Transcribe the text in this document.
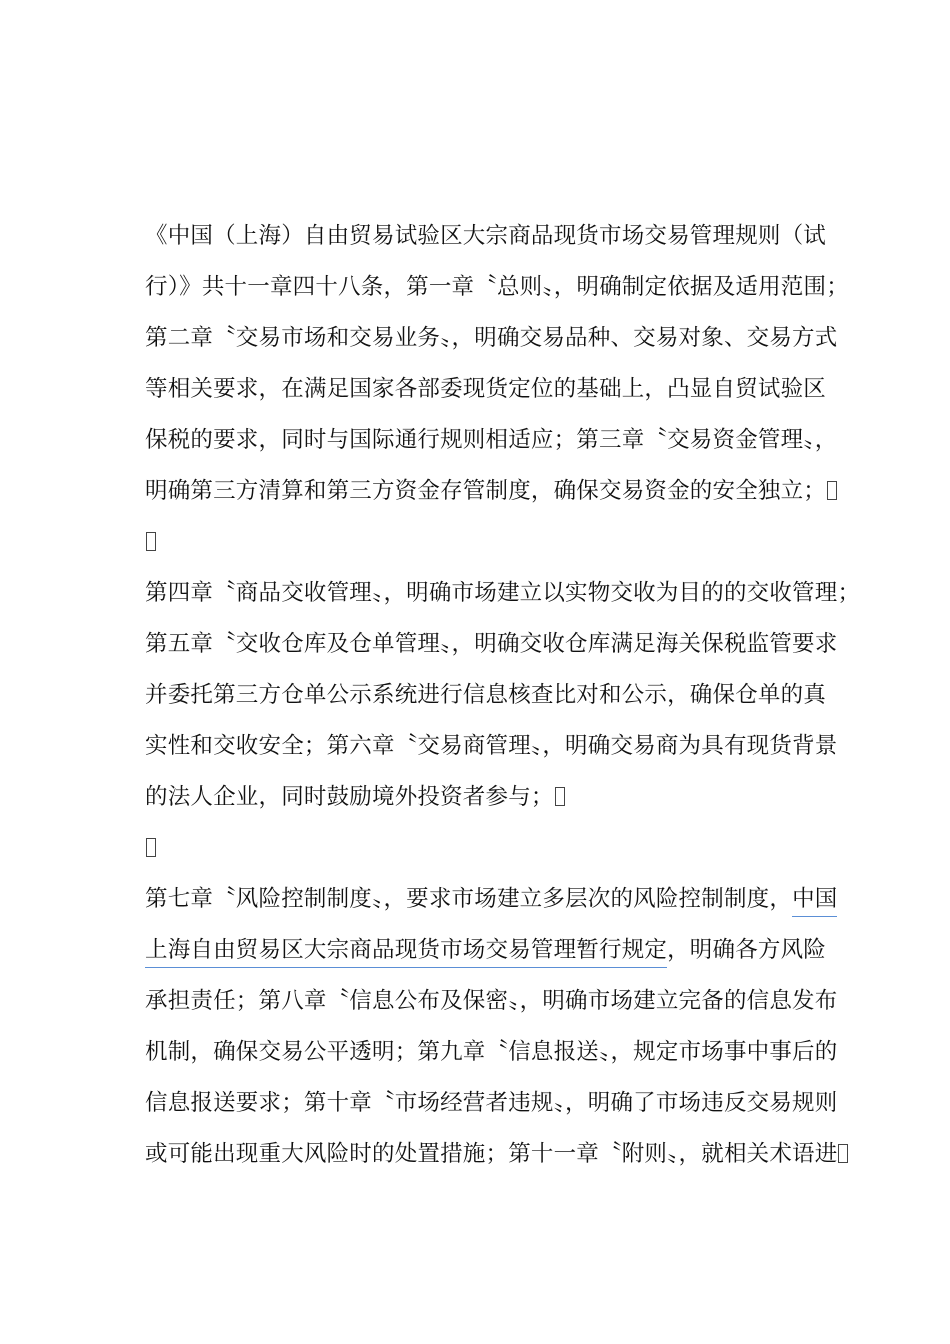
《中国（上海）自由贸易试验区大宗商品现货市场交易管理规则（试
行）》共十一章四十八条，第一章〝总则〟，明确制定依据及适用范围；
第二章〝交易市场和交易业务〟，明确交易品种、交易对象、交易方式
等相关要求，在满足国家各部委现货定位的基础上，凸显自贸试验区
保税的要求，同时与国际通行规则相适应；第三章〝交易资金管理〟，
明确第三方清算和第三方资金存管制度，确保交易资金的安全独立；
第四章〝商品交收管理〟，明确市场建立以实物交收为目的的交收管理；
第五章〝交收仓库及仓单管理〟，明确交收仓库满足海关保税监管要求
并委托第三方仓单公示系统进行信息核查比对和公示，确保仓单的真
实性和交收安全；第六章〝交易商管理〟，明确交易商为具有现货背景
的法人企业，同时鼓励境外投资者参与；
第七章〝风险控制制度〟，要求市场建立多层次的风险控制制度，中国
上海自由贸易区大宗商品现货市场交易管理暂行规定，明确各方风险
承担责任；第八章〝信息公布及保密〟，明确市场建立完备的信息发布
机制，确保交易公平透明；第九章〝信息报送〟，规定市场事中事后的
信息报送要求；第十章〝市场经营者违规〟，明确了市场违反交易规则
或可能出现重大风险时的处置措施；第十一章〝附则〟，就相关术语进
